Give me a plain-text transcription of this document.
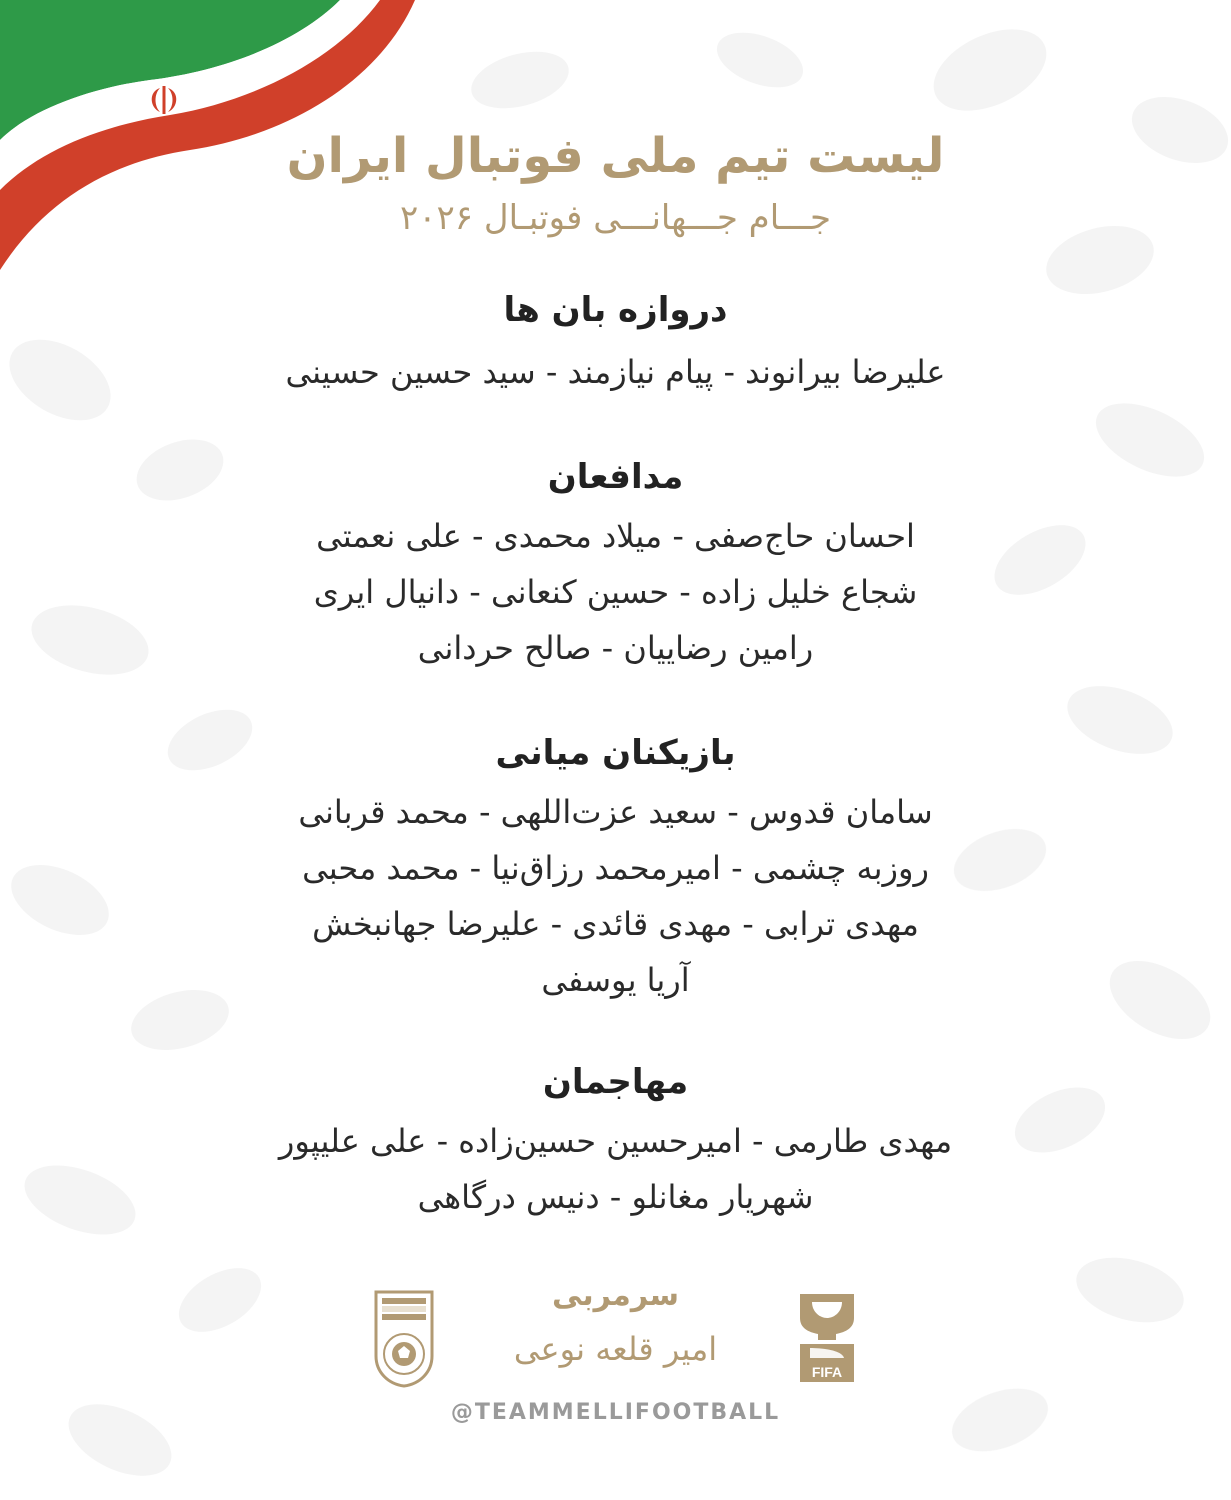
لیست تیم ملی فوتبال ایران
جـــام جـــهانـــی فوتبـال ۲۰۲۶
دروازه بان ها
علیرضا بیرانوند - پیام نیازمند - سید حسین حسینی
مدافعان
احسان حاج‌صفی - میلاد محمدی - علی نعمتی
شجاع خلیل زاده - حسین کنعانی - دانیال ایری
رامین رضاییان - صالح حردانی
بازیکنان میانی
سامان قدوس - سعید عزت‌اللهی - محمد قربانی
روزبه چشمی - امیرمحمد رزاق‌نیا - محمد محبی
مهدی ترابی - مهدی قائدی - علیرضا جهانبخش
آریا یوسفی
مهاجمان
مهدی طارمی - امیرحسین حسین‌زاده - علی علیپور
شهریار مغانلو - دنیس درگاهی
سرمربی
امیر قلعه نوعی
FIFA
@TEAMMELLIFOOTBALL
